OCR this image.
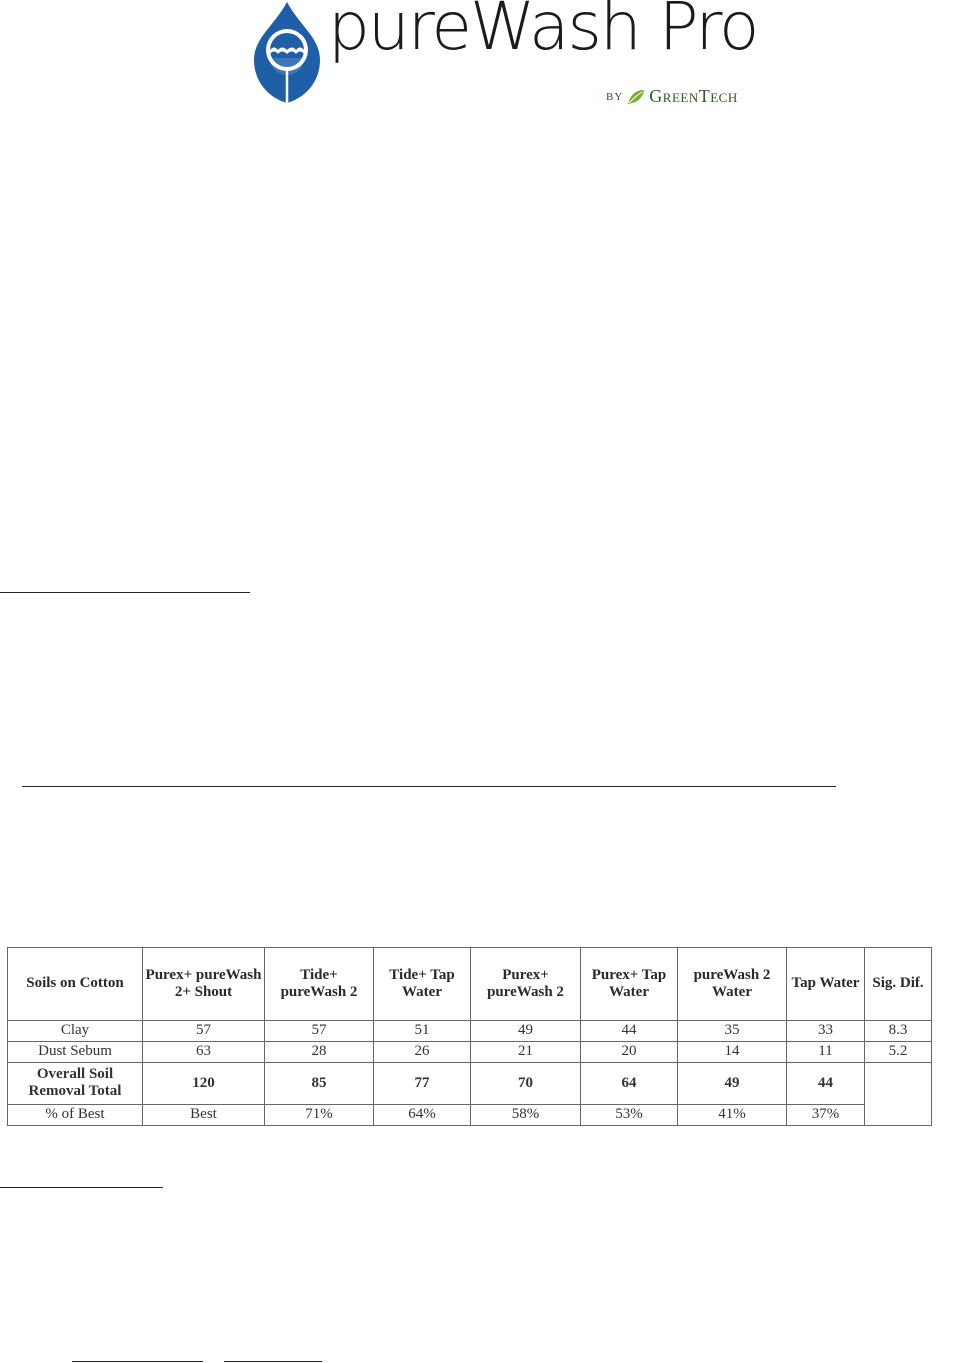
pureWash Pro
BY GreenTech
Soils on Cotton	Purex+ pureWash 2+ Shout	Tide+ pureWash 2	Tide+ Tap Water	Purex+ pureWash 2	Purex+ Tap Water	pureWash 2 Water	Tap Water	Sig. Dif.
Clay	57	57	51	49	44	35	33	8.3
Dust Sebum	63	28	26	21	20	14	11	5.2
Overall Soil Removal Total	120	85	77	70	64	49	44	
% of Best	Best	71%	64%	58%	53%	41%	37%	
